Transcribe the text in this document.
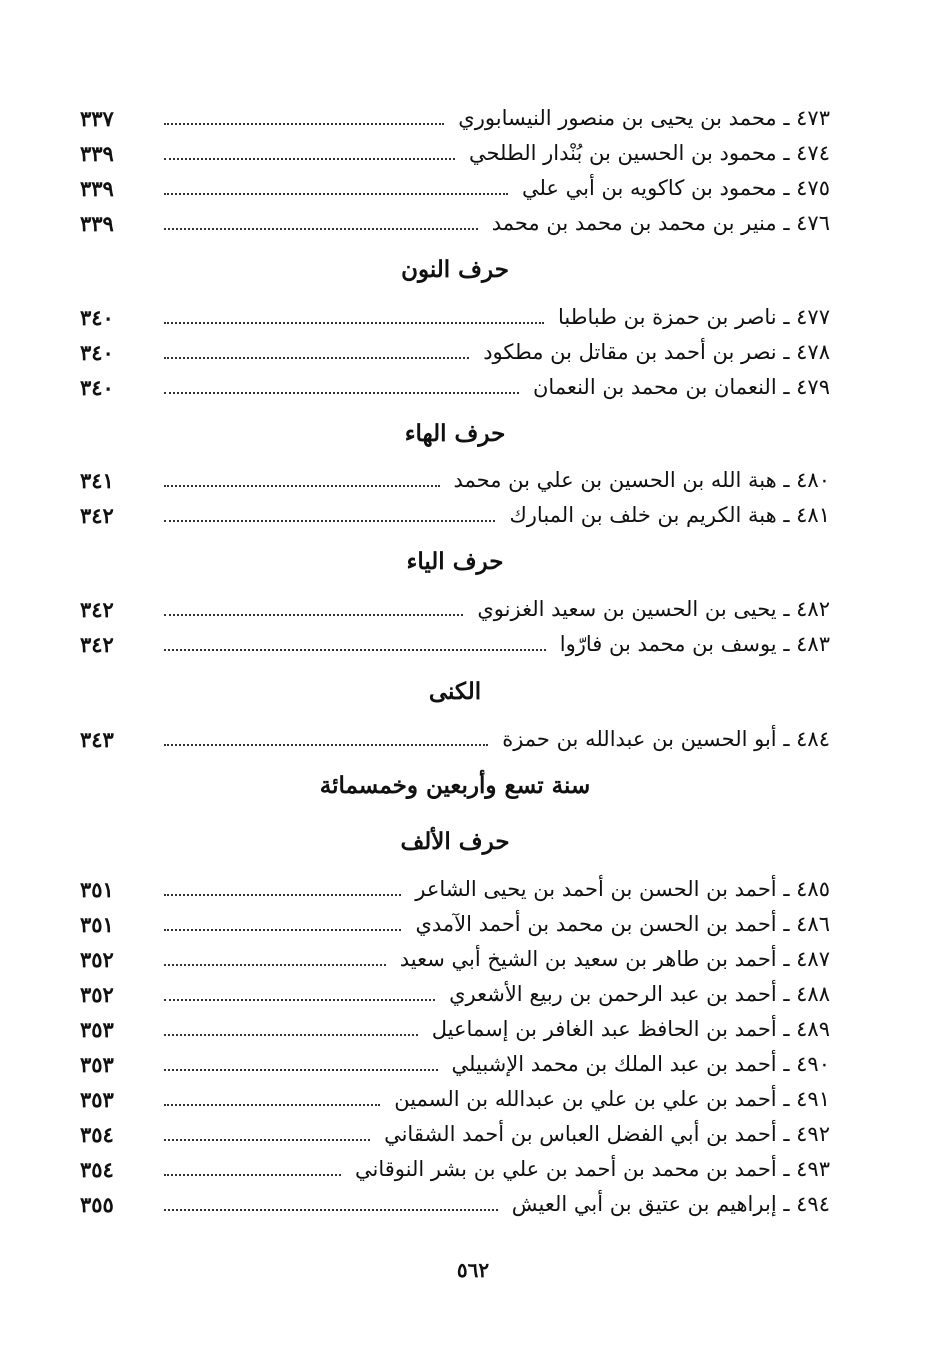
٤٧٣ ـ محمد بن يحيى بن منصور النيسابوري
٣٣٧
٤٧٤ ـ محمود بن الحسين بن بُنْدار الطلحي
٣٣٩
٤٧٥ ـ محمود بن كاكويه بن أبي علي
٣٣٩
٤٧٦ ـ منير بن محمد بن محمد بن محمد
٣٣٩
حرف النون
٤٧٧ ـ ناصر بن حمزة بن طباطبا
٣٤٠
٤٧٨ ـ نصر بن أحمد بن مقاتل بن مطكود
٣٤٠
٤٧٩ ـ النعمان بن محمد بن النعمان
٣٤٠
حرف الهاء
٤٨٠ ـ هبة الله بن الحسين بن علي بن محمد
٣٤١
٤٨١ ـ هبة الكريم بن خلف بن المبارك
٣٤٢
حرف الياء
٤٨٢ ـ يحيى بن الحسين بن سعيد الغزنوي
٣٤٢
٤٨٣ ـ يوسف بن محمد بن فارّوا
٣٤٢
الكنى
٤٨٤ ـ أبو الحسين بن عبدالله بن حمزة
٣٤٣
سنة تسع وأربعين وخمسمائة
حرف الألف
٤٨٥ ـ أحمد بن الحسن بن أحمد بن يحيى الشاعر
٣٥١
٤٨٦ ـ أحمد بن الحسن بن محمد بن أحمد الآمدي
٣٥١
٤٨٧ ـ أحمد بن طاهر بن سعيد بن الشيخ أبي سعيد
٣٥٢
٤٨٨ ـ أحمد بن عبد الرحمن بن ربيع الأشعري
٣٥٢
٤٨٩ ـ أحمد بن الحافظ عبد الغافر بن إسماعيل
٣٥٣
٤٩٠ ـ أحمد بن عبد الملك بن محمد الإشبيلي
٣٥٣
٤٩١ ـ أحمد بن علي بن علي بن عبدالله بن السمين
٣٥٣
٤٩٢ ـ أحمد بن أبي الفضل العباس بن أحمد الشقاني
٣٥٤
٤٩٣ ـ أحمد بن محمد بن أحمد بن علي بن بشر النوقاني
٣٥٤
٤٩٤ ـ إبراهيم بن عتيق بن أبي العيش
٣٥٥
٥٦٢
